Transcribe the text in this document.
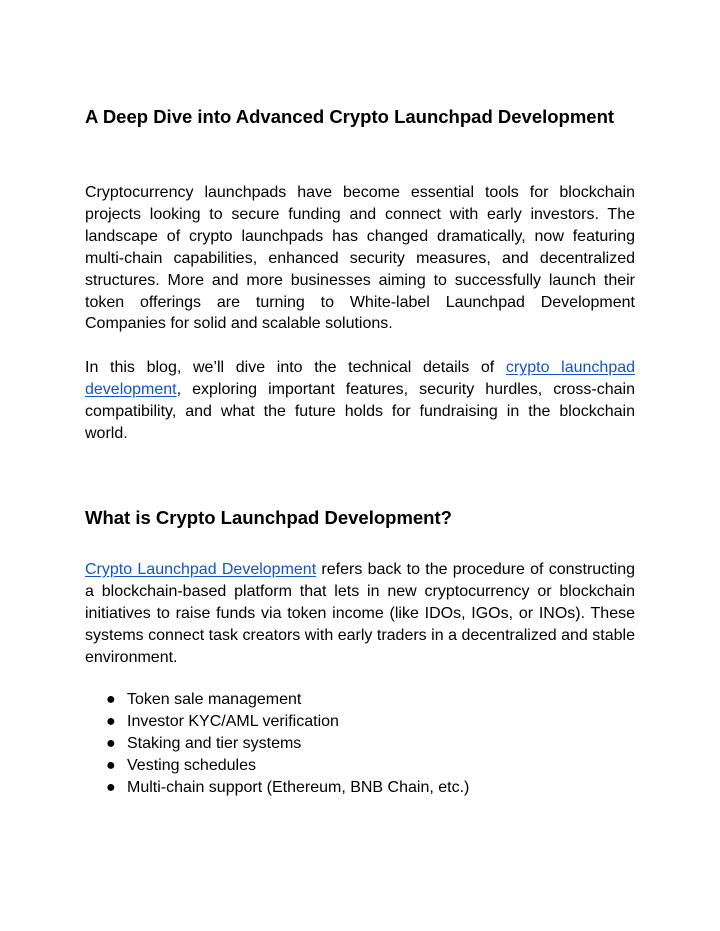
A Deep Dive into Advanced Crypto Launchpad Development

Cryptocurrency launchpads have become essential tools for blockchain projects looking to secure funding and connect with early investors. The landscape of crypto launchpads has changed dramatically, now featuring multi-chain capabilities, enhanced security measures, and decentralized structures. More and more businesses aiming to successfully launch their token offerings are turning to White-label Launchpad Development Companies for solid and scalable solutions.

In this blog, we’ll dive into the technical details of crypto launchpad development, exploring important features, security hurdles, cross-chain compatibility, and what the future holds for fundraising in the blockchain world.

What is Crypto Launchpad Development?

Crypto Launchpad Development refers back to the procedure of constructing a blockchain-based platform that lets in new cryptocurrency or blockchain initiatives to raise funds via token income (like IDOs, IGOs, or INOs). These systems connect task creators with early traders in a decentralized and stable environment.

● Token sale management
● Investor KYC/AML verification
● Staking and tier systems
● Vesting schedules
● Multi-chain support (Ethereum, BNB Chain, etc.)
